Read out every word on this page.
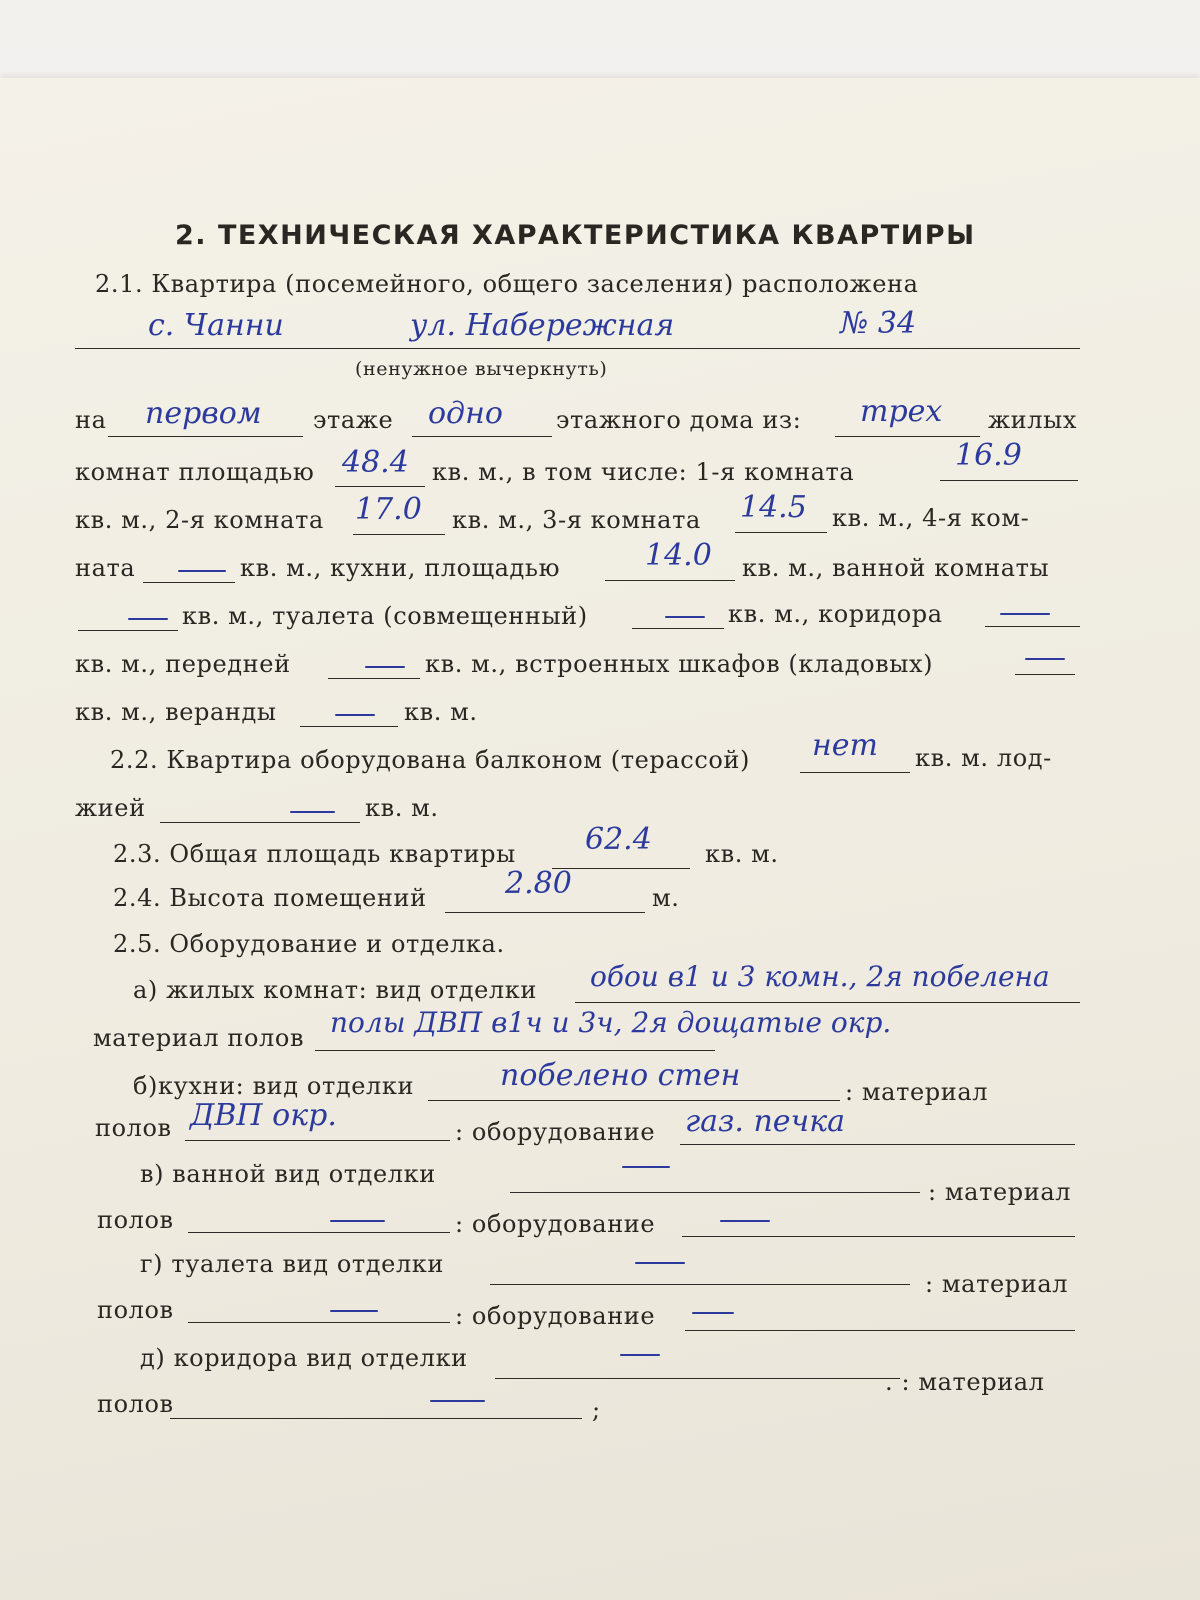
2. ТЕХНИЧЕСКАЯ ХАРАКТЕРИСТИКА КВАРТИРЫ
2.1. Квартира (посемейного, общего заселения) расположена
с. Чанни	ул. Набережная	№ 34
(ненужное вычеркнуть)
на первом этаже одно этажного дома из: трех жилых
комнат площадью 48.4 кв. м., в том числе: 1-я комната	16.9
кв. м., 2-я комната 17.0 кв. м., 3-я комната 14.5 кв. м., 4-я ком-
ната	кв. м., кухни, площадью	14.0 кв. м., ванной комнаты
кв. м., туалета (совмещенный)	кв. м., коридора
кв. м., передней	кв. м., встроенных шкафов (кладовых)
кв. м., веранды	кв. м.
2.2. Квартира оборудована балконом (терассой) нет кв. м. лод-
жией	кв. м.
2.3. Общая площадь квартиры 62.4 кв. м.
2.4. Высота помещений	2.80	м.
2.5. Оборудование и отделка.
а) жилых комнат: вид отделки обои в1 и 3 комн., 2я побелена
материал полов полы ДВП в1ч и 3ч, 2я дощатые окр.
б)кухни: вид отделки	побелено стен	: материал
полов ДВП окр.	: оборудование газ. печка
в) ванной вид отделки
: материал
полов	: оборудование
г) туалета вид отделки
: материал
полов	: оборудование
д) коридора вид отделки
. : материал
полов	;
